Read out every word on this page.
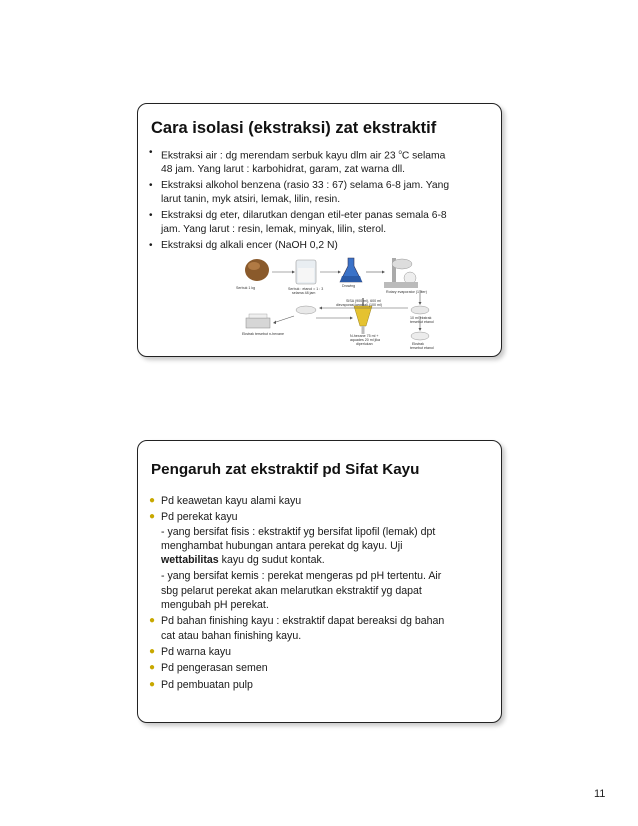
Cara isolasi (ekstraksi) zat ekstraktif
• Ekstraksi air : dg merendam serbuk kayu dlm air 23 $^o$C selama
48 jam. Yang larut : karbohidrat, garam, zat warna dll.
• Ekstraksi alkohol benzena (rasio 33 : 67) selama 6-8 jam. Yang
larut tanin, myk atsiri, lemak, lilin, resin.
• Ekstraksi dg eter, dilarutkan dengan etil-eter panas semala 6-8
jam. Yang larut : resin, lemak, minyak, lilin, sterol.
• Ekstraksi dg alkali encer (NaOH 0,2 N)
Serbuk 1 kg	Serbuk : etanol = 1 : 3
selama 48 jam
Drowing
Rotary evaporator (1 liter)
SISA (900 ml), 600 ml
dievaporasi kembali (100 ml)
10 ml ekstrak
tersebut etanol
Ekstrak tersebut n-hexane	N-hexane 75 ml +
aquades 20 ml jika
diperlukan	Ekstrak
tersebut etanol
Pengaruh zat ekstraktif pd Sifat Kayu
● Pd keawetan kayu alami kayu
● Pd perekat kayu
- yang bersifat fisis : ekstraktif yg bersifat lipofil (lemak) dpt
menghambat hubungan antara perekat dg kayu. Uji
wettabilitas kayu dg sudut kontak.
- yang bersifat kemis : perekat mengeras pd pH tertentu. Air
sbg pelarut perekat akan melarutkan ekstraktif yg dapat
mengubah pH perekat.
● Pd bahan finishing kayu : ekstraktif dapat bereaksi dg bahan
cat atau bahan finishing kayu.
● Pd warna kayu
● Pd pengerasan semen
● Pd pembuatan pulp
11
